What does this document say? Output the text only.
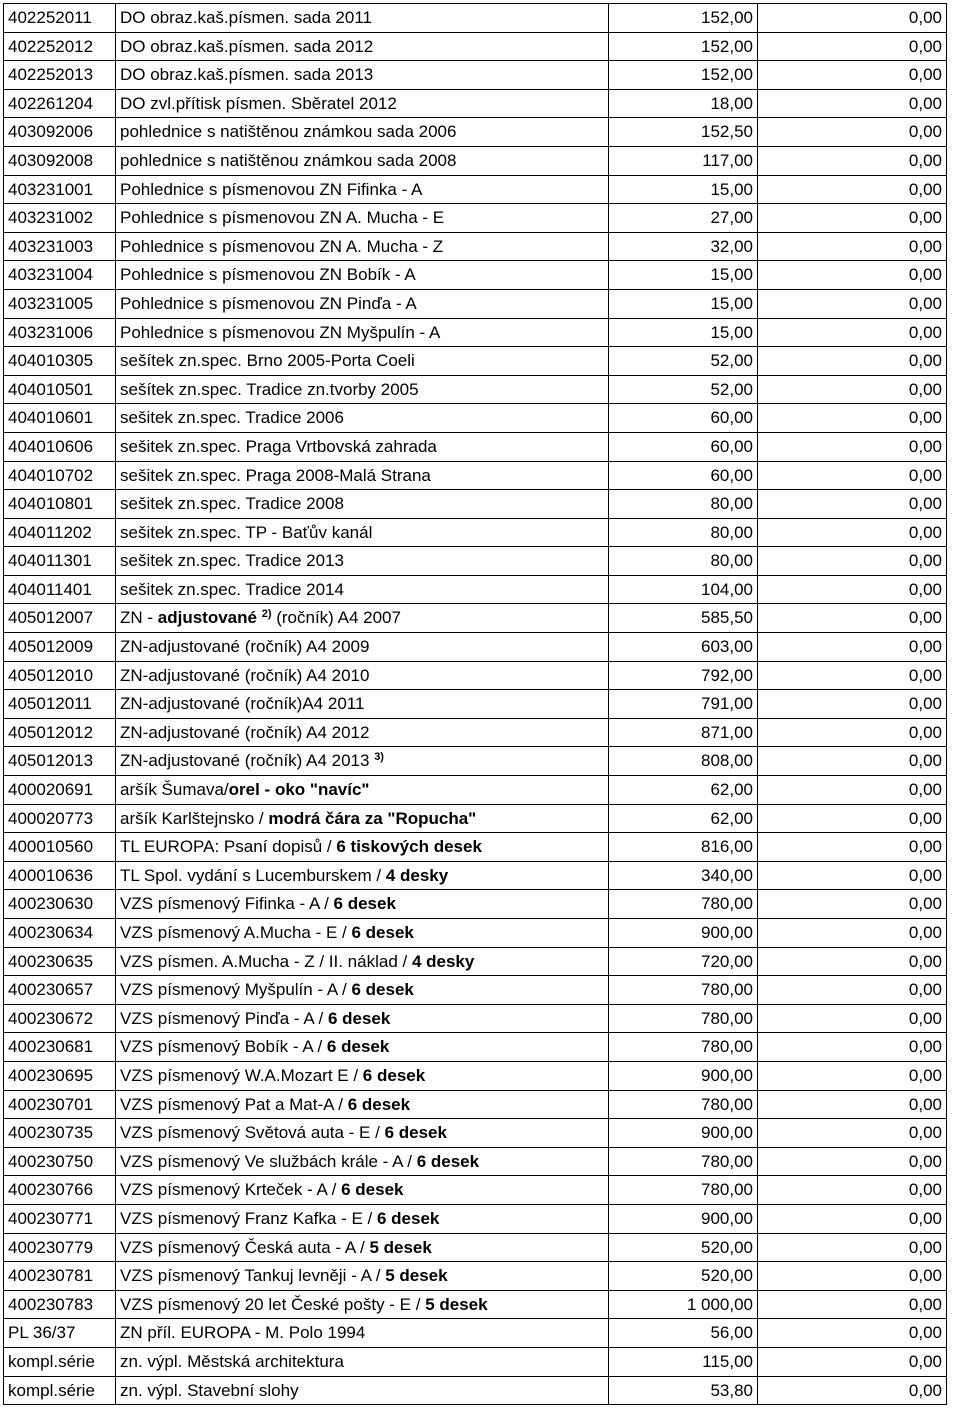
402252011	DO obraz.kaš.písmen. sada 2011	152,00	0,00
402252012	DO obraz.kaš.písmen. sada 2012	152,00	0,00
402252013	DO obraz.kaš.písmen. sada 2013	152,00	0,00
402261204	DO zvl.přítisk písmen. Sběratel 2012	18,00	0,00
403092006	pohlednice s natištěnou známkou sada 2006	152,50	0,00
403092008	pohlednice s natištěnou známkou sada 2008	117,00	0,00
403231001	Pohlednice s písmenovou ZN Fifinka - A	15,00	0,00
403231002	Pohlednice s písmenovou ZN A. Mucha - E	27,00	0,00
403231003	Pohlednice s písmenovou ZN A. Mucha - Z	32,00	0,00
403231004	Pohlednice s písmenovou ZN Bobík - A	15,00	0,00
403231005	Pohlednice s písmenovou ZN Pinďa - A	15,00	0,00
403231006	Pohlednice s písmenovou ZN Myšpulín - A	15,00	0,00
404010305	sešítek zn.spec. Brno 2005-Porta Coeli	52,00	0,00
404010501	sešítek zn.spec. Tradice zn.tvorby 2005	52,00	0,00
404010601	sešitek zn.spec. Tradice 2006	60,00	0,00
404010606	sešitek zn.spec. Praga Vrtbovská zahrada	60,00	0,00
404010702	sešitek zn.spec. Praga 2008-Malá Strana	60,00	0,00
404010801	sešitek zn.spec. Tradice 2008	80,00	0,00
404011202	sešitek zn.spec. TP - Baťův kanál	80,00	0,00
404011301	sešitek zn.spec. Tradice 2013	80,00	0,00
404011401	sešitek zn.spec. Tradice 2014	104,00	0,00
405012007	ZN - adjustované $^{2)}$ (ročník) A4 2007	585,50	0,00
405012009	ZN-adjustované (ročník) A4 2009	603,00	0,00
405012010	ZN-adjustované (ročník) A4 2010	792,00	0,00
405012011	ZN-adjustované (ročník)A4 2011	791,00	0,00
405012012	ZN-adjustované (ročník) A4 2012	871,00	0,00
405012013	ZN-adjustované (ročník) A4 2013 $^{3)}$	808,00	0,00
400020691	aršík Šumava/orel - oko "navíc"	62,00	0,00
400020773	aršík Karlštejnsko / modrá čára za "Ropucha"	62,00	0,00
400010560	TL EUROPA: Psaní dopisů / 6 tiskových desek	816,00	0,00
400010636	TL Spol. vydání s Lucemburskem / 4 desky	340,00	0,00
400230630	VZS písmenový Fifinka - A / 6 desek	780,00	0,00
400230634	VZS písmenový A.Mucha - E / 6 desek	900,00	0,00
400230635	VZS písmen. A.Mucha - Z / II. náklad / 4 desky	720,00	0,00
400230657	VZS písmenový Myšpulín - A / 6 desek	780,00	0,00
400230672	VZS písmenový Pinďa - A / 6 desek	780,00	0,00
400230681	VZS písmenový Bobík - A / 6 desek	780,00	0,00
400230695	VZS písmenový W.A.Mozart E / 6 desek	900,00	0,00
400230701	VZS písmenový Pat a Mat-A / 6 desek	780,00	0,00
400230735	VZS písmenový Světová auta - E / 6 desek	900,00	0,00
400230750	VZS písmenový Ve službách krále - A / 6 desek	780,00	0,00
400230766	VZS písmenový Krteček - A / 6 desek	780,00	0,00
400230771	VZS písmenový Franz Kafka - E / 6 desek	900,00	0,00
400230779	VZS písmenový Česká auta - A / 5 desek	520,00	0,00
400230781	VZS písmenový Tankuj levněji - A / 5 desek	520,00	0,00
400230783	VZS písmenový 20 let České pošty - E / 5 desek	1 000,00	0,00
PL 36/37	ZN příl. EUROPA - M. Polo 1994	56,00	0,00
kompl.série	zn. výpl. Městská architektura	115,00	0,00
kompl.série	zn. výpl. Stavební slohy	53,80	0,00
